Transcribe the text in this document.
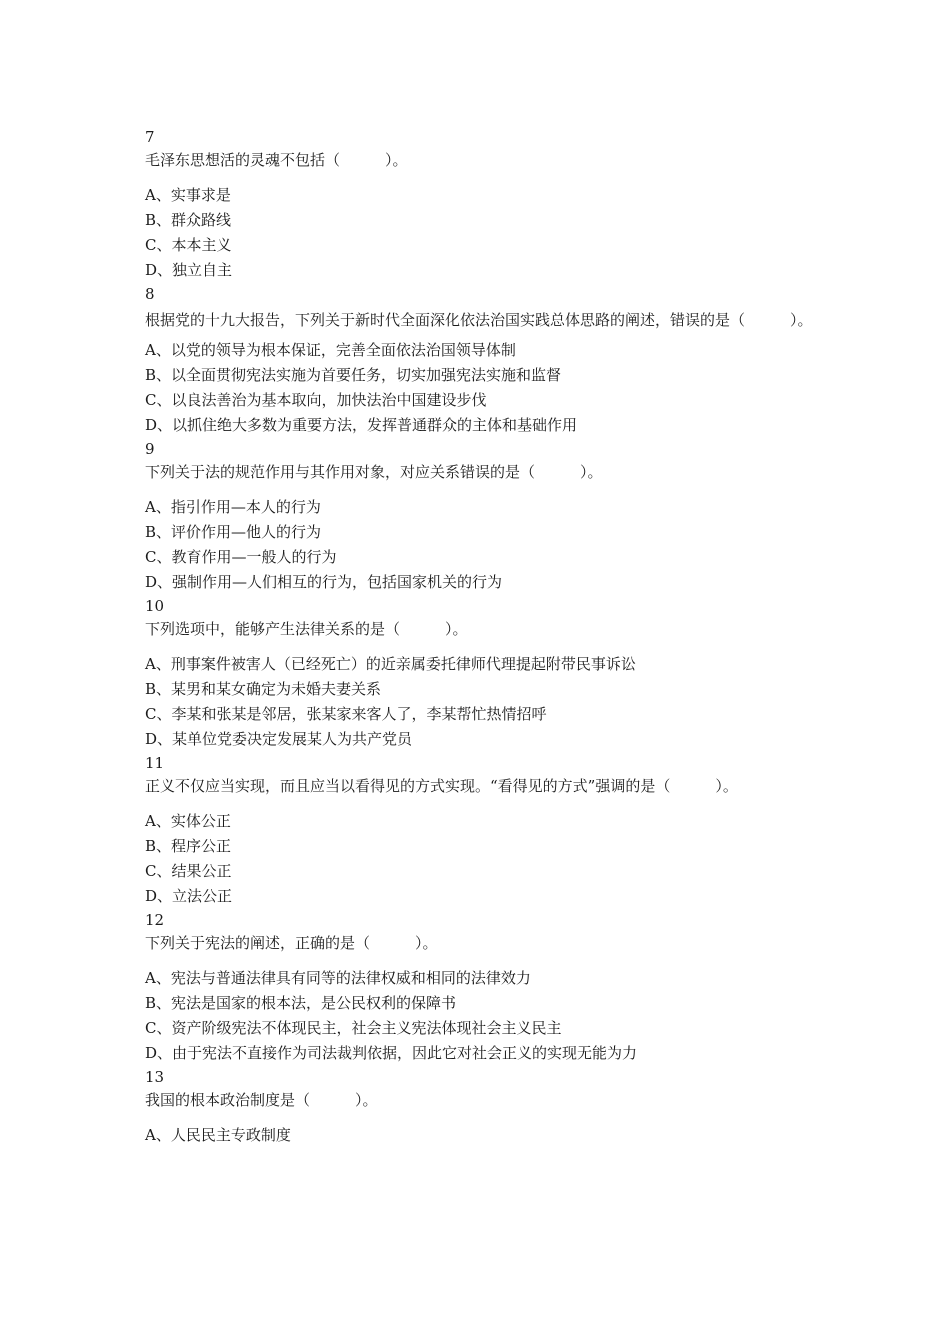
7
毛泽东思想活的灵魂不包括（　　　）。
A、实事求是
B、群众路线
C、本本主义
D、独立自主
8
根据党的十九大报告，下列关于新时代全面深化依法治国实践总体思路的阐述，错误的是（　　　）。
A、以党的领导为根本保证，完善全面依法治国领导体制
B、以全面贯彻宪法实施为首要任务，切实加强宪法实施和监督
C、以良法善治为基本取向，加快法治中国建设步伐
D、以抓住绝大多数为重要方法，发挥普通群众的主体和基础作用
9
下列关于法的规范作用与其作用对象，对应关系错误的是（　　　）。
A、指引作用—本人的行为
B、评价作用—他人的行为
C、教育作用—一般人的行为
D、强制作用—人们相互的行为，包括国家机关的行为
10
下列选项中，能够产生法律关系的是（　　　）。
A、刑事案件被害人（已经死亡）的近亲属委托律师代理提起附带民事诉讼
B、某男和某女确定为未婚夫妻关系
C、李某和张某是邻居，张某家来客人了，李某帮忙热情招呼
D、某单位党委决定发展某人为共产党员
11
正义不仅应当实现，而且应当以看得见的方式实现。“看得见的方式”强调的是（　　　）。
A、实体公正
B、程序公正
C、结果公正
D、立法公正
12
下列关于宪法的阐述，正确的是（　　　）。
A、宪法与普通法律具有同等的法律权威和相同的法律效力
B、宪法是国家的根本法，是公民权利的保障书
C、资产阶级宪法不体现民主，社会主义宪法体现社会主义民主
D、由于宪法不直接作为司法裁判依据，因此它对社会正义的实现无能为力
13
我国的根本政治制度是（　　　）。
A、人民民主专政制度
